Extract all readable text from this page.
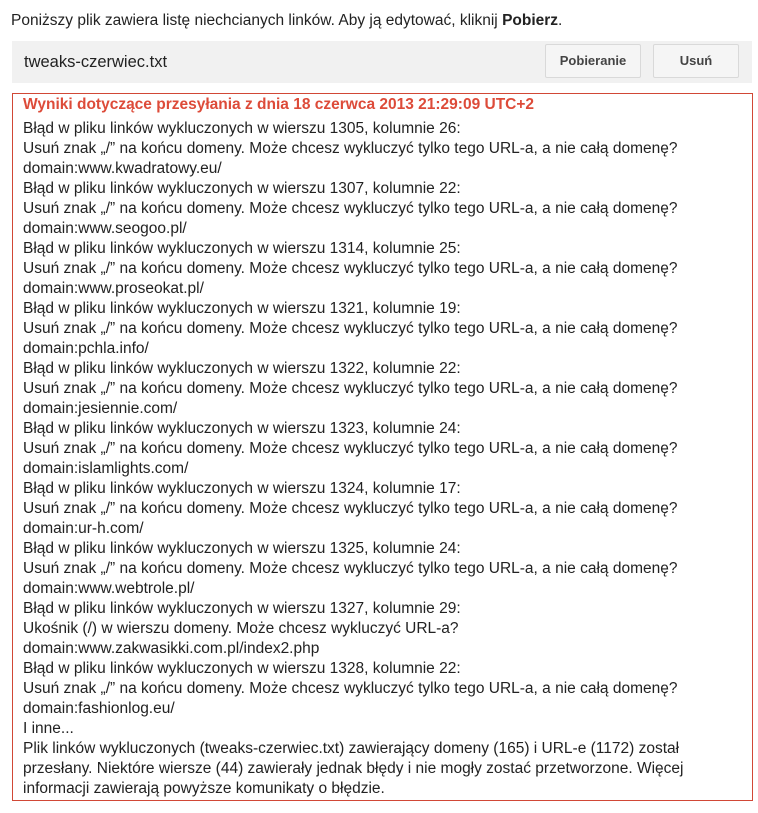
Poniższy plik zawiera listę niechcianych linków. Aby ją edytować, kliknij Pobierz.
tweaks-czerwiec.txt	Pobieranie	Usuń
Wyniki dotyczące przesyłania z dnia 18 czerwca 2013 21:29:09 UTC+2
Błąd w pliku linków wykluczonych w wierszu 1305, kolumnie 26:
Usuń znak „/” na końcu domeny. Może chcesz wykluczyć tylko tego URL-a, a nie całą domenę?
domain:www.kwadratowy.eu/
Błąd w pliku linków wykluczonych w wierszu 1307, kolumnie 22:
Usuń znak „/” na końcu domeny. Może chcesz wykluczyć tylko tego URL-a, a nie całą domenę?
domain:www.seogoo.pl/
Błąd w pliku linków wykluczonych w wierszu 1314, kolumnie 25:
Usuń znak „/” na końcu domeny. Może chcesz wykluczyć tylko tego URL-a, a nie całą domenę?
domain:www.proseokat.pl/
Błąd w pliku linków wykluczonych w wierszu 1321, kolumnie 19:
Usuń znak „/” na końcu domeny. Może chcesz wykluczyć tylko tego URL-a, a nie całą domenę?
domain:pchla.info/
Błąd w pliku linków wykluczonych w wierszu 1322, kolumnie 22:
Usuń znak „/” na końcu domeny. Może chcesz wykluczyć tylko tego URL-a, a nie całą domenę?
domain:jesiennie.com/
Błąd w pliku linków wykluczonych w wierszu 1323, kolumnie 24:
Usuń znak „/” na końcu domeny. Może chcesz wykluczyć tylko tego URL-a, a nie całą domenę?
domain:islamlights.com/
Błąd w pliku linków wykluczonych w wierszu 1324, kolumnie 17:
Usuń znak „/” na końcu domeny. Może chcesz wykluczyć tylko tego URL-a, a nie całą domenę?
domain:ur-h.com/
Błąd w pliku linków wykluczonych w wierszu 1325, kolumnie 24:
Usuń znak „/” na końcu domeny. Może chcesz wykluczyć tylko tego URL-a, a nie całą domenę?
domain:www.webtrole.pl/
Błąd w pliku linków wykluczonych w wierszu 1327, kolumnie 29:
Ukośnik (/) w wierszu domeny. Może chcesz wykluczyć URL-a?
domain:www.zakwasikki.com.pl/index2.php
Błąd w pliku linków wykluczonych w wierszu 1328, kolumnie 22:
Usuń znak „/” na końcu domeny. Może chcesz wykluczyć tylko tego URL-a, a nie całą domenę?
domain:fashionlog.eu/
I inne...
Plik linków wykluczonych (tweaks-czerwiec.txt) zawierający domeny (165) i URL-e (1172) został przesłany. Niektóre wiersze (44) zawierały jednak błędy i nie mogły zostać przetworzone. Więcej informacji zawierają powyższe komunikaty o błędzie.
